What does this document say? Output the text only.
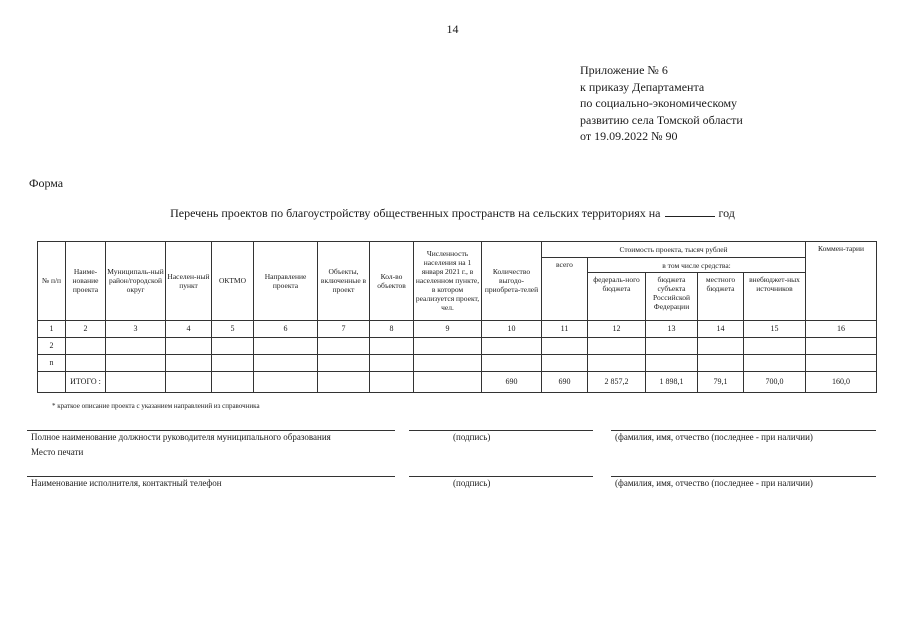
14
Приложение № 6
к приказу Департамента
по социально-экономическому
развитию села Томской области
от 19.09.2022 № 90
Форма
Перечень проектов по благоустройству общественных пространств на сельских территориях на	год
№ п/п	Наиме-нование проекта	Муниципаль-ный район/городской округ	Населен-ный пункт	ОКТМО	Направление проекта	Объекты, включенные в проект	Кол-во объектов	Численность населения на 1 января 2021 г., в населенном пункте, в котором реализуется проект, чел.	Количество выгодо-приобрета-телей	Стоимость проекта, тысяч рублей					Коммен-тарии
										всего	в том числе средства:				
											федераль-ного бюджета	бюджета субъекта Российской Федерации	местного бюджета	внебюджет-ных источников	
1	2	3	4	5	6	7	8	9	10	11	12	13	14	15	16
2															
n															
	ИТОГО :								690	690	2 857,2	1 898,1	79,1	700,0	160,0
* краткое описание проекта с указанием направлений из справочника
Полное наименование должности руководителя муниципального образования	(подпись)	(фамилия, имя, отчество (последнее - при наличии)
Место печати
Наименование исполнителя, контактный телефон	(подпись)	(фамилия, имя, отчество (последнее - при наличии)
